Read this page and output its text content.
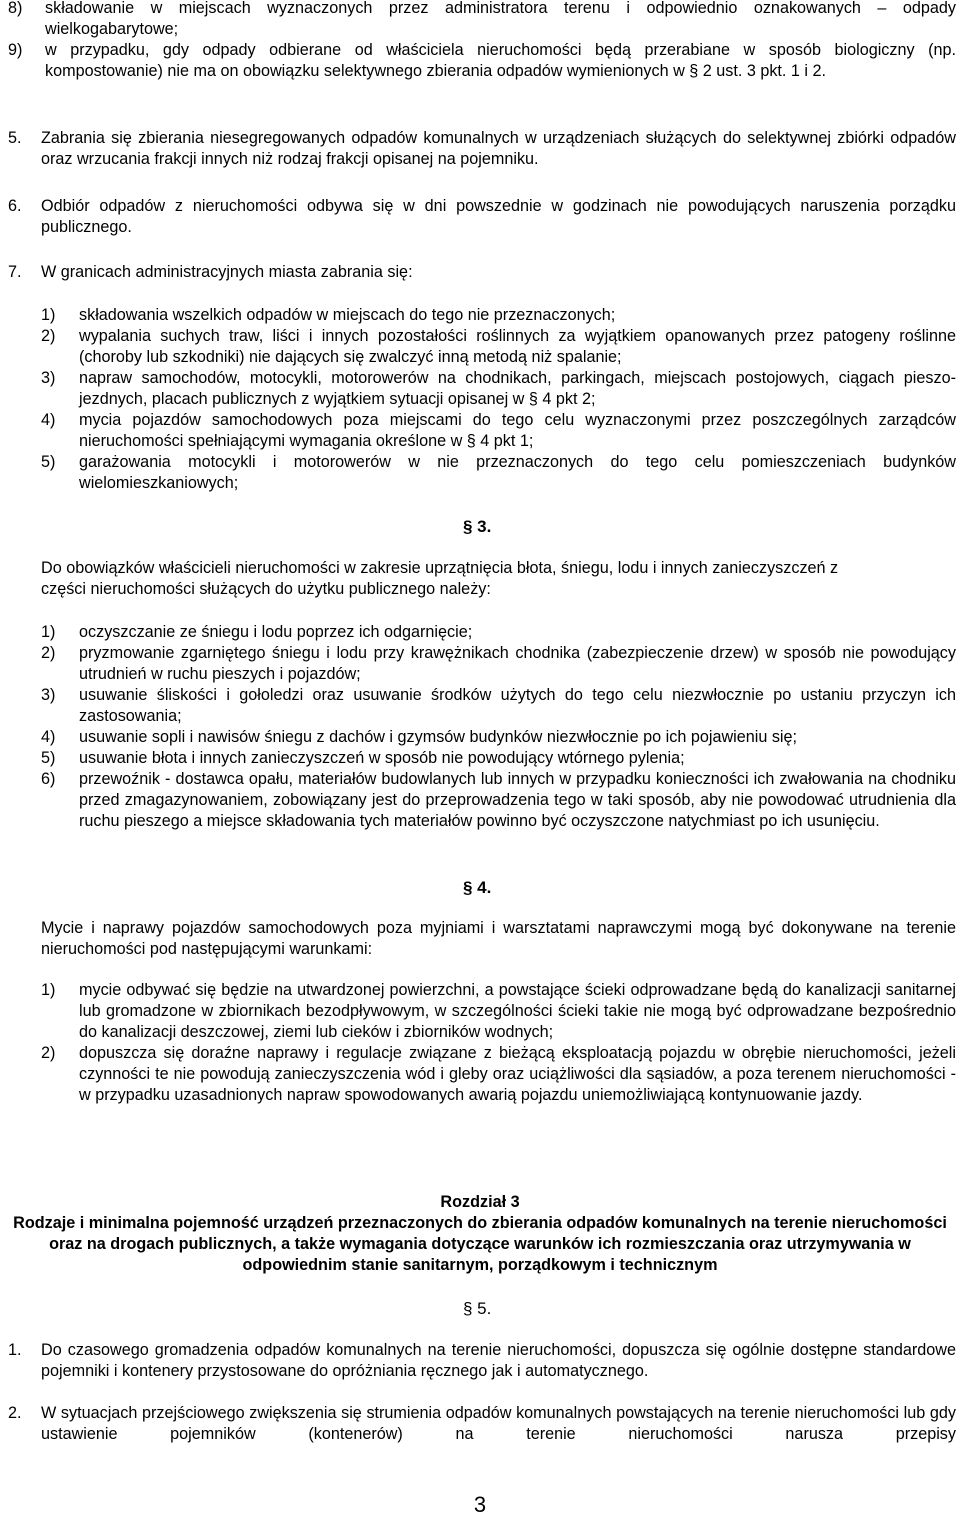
8)	składowanie w miejscach wyznaczonych przez administratora terenu i odpowiednio oznakowanych – odpady wielkogabarytowe;
9)	w przypadku, gdy odpady odbierane od właściciela nieruchomości będą przerabiane w sposób biologiczny (np. kompostowanie) nie ma on obowiązku selektywnego zbierania odpadów wymienionych w § 2 ust. 3 pkt. 1 i 2.
5.	Zabrania się zbierania niesegregowanych odpadów komunalnych w urządzeniach służących do selektywnej zbiórki odpadów oraz wrzucania frakcji innych niż rodzaj frakcji opisanej na pojemniku.
6.	Odbiór odpadów z nieruchomości odbywa się w dni powszednie w godzinach nie powodujących naruszenia porządku publicznego.
7.	W granicach administracyjnych miasta zabrania się:
1)	składowania wszelkich odpadów w miejscach do tego nie przeznaczonych;
2)	wypalania suchych traw, liści i innych pozostałości roślinnych za wyjątkiem opanowanych przez patogeny roślinne (choroby lub szkodniki) nie dających się zwalczyć inną metodą niż spalanie;
3)	napraw samochodów, motocykli, motorowerów na chodnikach, parkingach, miejscach postojowych, ciągach pieszo-jezdnych, placach publicznych z wyjątkiem sytuacji opisanej w § 4 pkt 2;
4)	mycia pojazdów samochodowych poza miejscami do tego celu wyznaczonymi przez poszczególnych zarządców nieruchomości spełniającymi wymagania określone w § 4 pkt 1;
5)	garażowania motocykli i motorowerów w nie przeznaczonych do tego celu pomieszczeniach budynków wielomieszkaniowych;
§ 3.
Do obowiązków właścicieli nieruchomości w zakresie uprzątnięcia błota, śniegu, lodu i innych zanieczyszczeń z części nieruchomości służących do użytku publicznego należy:
1)	oczyszczanie ze śniegu i lodu poprzez ich odgarnięcie;
2)	pryzmowanie zgarniętego śniegu i lodu przy krawężnikach chodnika (zabezpieczenie drzew) w sposób nie powodujący utrudnień w ruchu pieszych i pojazdów;
3)	usuwanie śliskości i gołoledzi oraz usuwanie środków użytych do tego celu niezwłocznie po ustaniu przyczyn ich zastosowania;
4)	usuwanie sopli i nawisów śniegu z dachów i gzymsów budynków niezwłocznie po ich pojawieniu się;
5)	usuwanie błota i innych zanieczyszczeń w sposób nie powodujący wtórnego pylenia;
6)	przewoźnik - dostawca opału, materiałów budowlanych lub innych w przypadku konieczności ich zwałowania na chodniku przed zmagazynowaniem, zobowiązany jest do przeprowadzenia tego w taki sposób, aby nie powodować utrudnienia dla ruchu pieszego a miejsce składowania tych materiałów powinno być oczyszczone natychmiast po ich usunięciu.
§ 4.
Mycie i naprawy pojazdów samochodowych poza myjniami i warsztatami naprawczymi mogą być dokonywane na terenie nieruchomości pod następującymi warunkami:
1)	mycie odbywać się będzie na utwardzonej powierzchni, a powstające ścieki odprowadzane będą do kanalizacji sanitarnej lub gromadzone w zbiornikach bezodpływowym, w szczególności ścieki takie nie mogą być odprowadzane bezpośrednio do kanalizacji deszczowej, ziemi lub cieków i zbiorników wodnych;
2)	dopuszcza się doraźne naprawy i regulacje związane z bieżącą eksploatacją pojazdu w obrębie nieruchomości, jeżeli czynności te nie powodują zanieczyszczenia wód i gleby oraz uciążliwości dla sąsiadów, a poza terenem nieruchomości - w przypadku uzasadnionych napraw spowodowanych awarią pojazdu uniemożliwiającą kontynuowanie jazdy.
Rozdział 3
Rodzaje i minimalna pojemność urządzeń przeznaczonych do zbierania odpadów komunalnych na terenie nieruchomości oraz na drogach publicznych, a także wymagania dotyczące warunków ich rozmieszczania oraz utrzymywania w odpowiednim stanie sanitarnym, porządkowym i technicznym
§ 5.
1.	Do czasowego gromadzenia odpadów komunalnych na terenie nieruchomości, dopuszcza się ogólnie dostępne standardowe pojemniki i kontenery przystosowane do opróżniania ręcznego jak i automatycznego.
2.	W sytuacjach przejściowego zwiększenia się strumienia odpadów komunalnych powstających na terenie nieruchomości lub gdy ustawienie pojemników (kontenerów) na terenie nieruchomości narusza przepisy
3
